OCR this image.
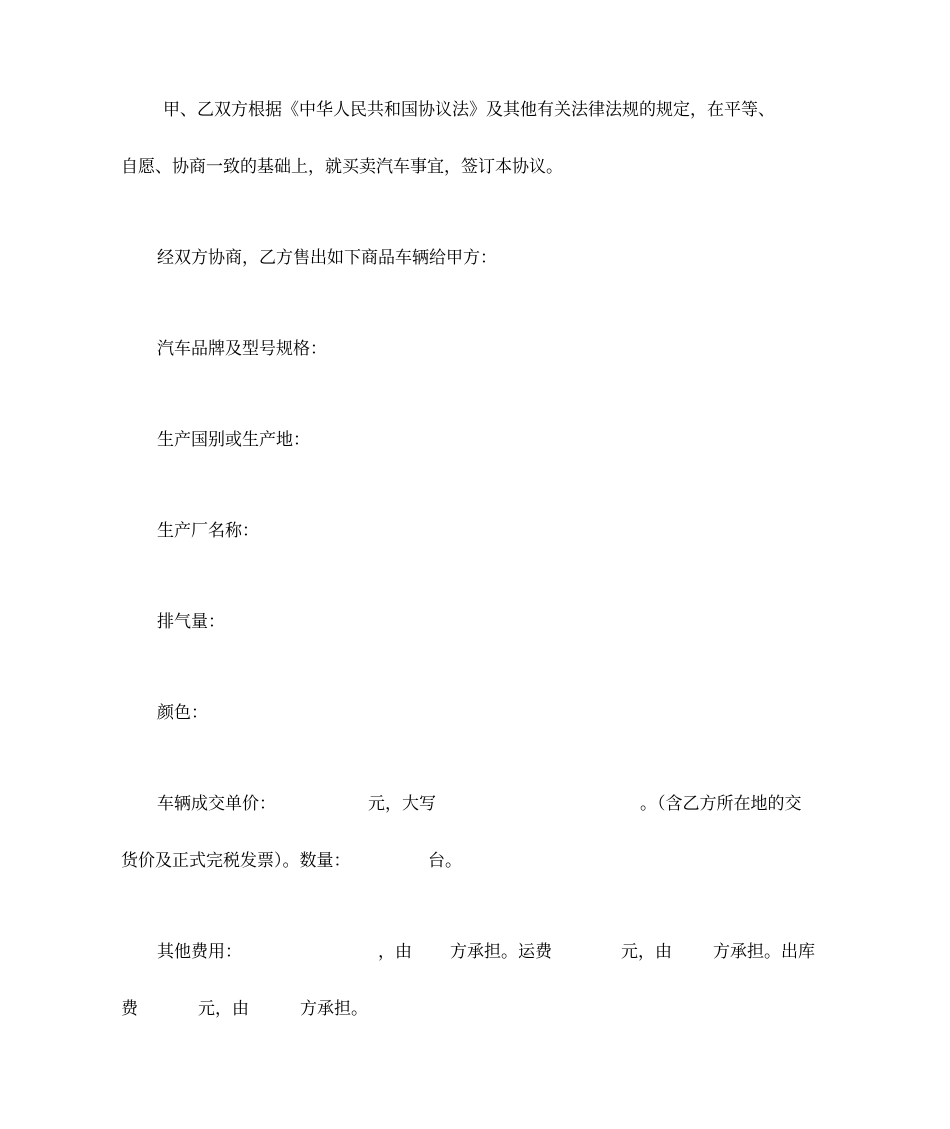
甲、乙双方根据《中华人民共和国协议法》及其他有关法律法规的规定，在平等、
自愿、协商一致的基础上，就买卖汽车事宜，签订本协议。
经双方协商，乙方售出如下商品车辆给甲方：
汽车品牌及型号规格：
生产国别或生产地：
生产厂名称：
排气量：
颜色：
车辆成交单价：	元，大写	。（含乙方所在地的交
货价及正式完税发票）。数量：	台。
其他费用：	，由 方承担。运费	元，由 方承担。出库
费	元，由	方承担。
